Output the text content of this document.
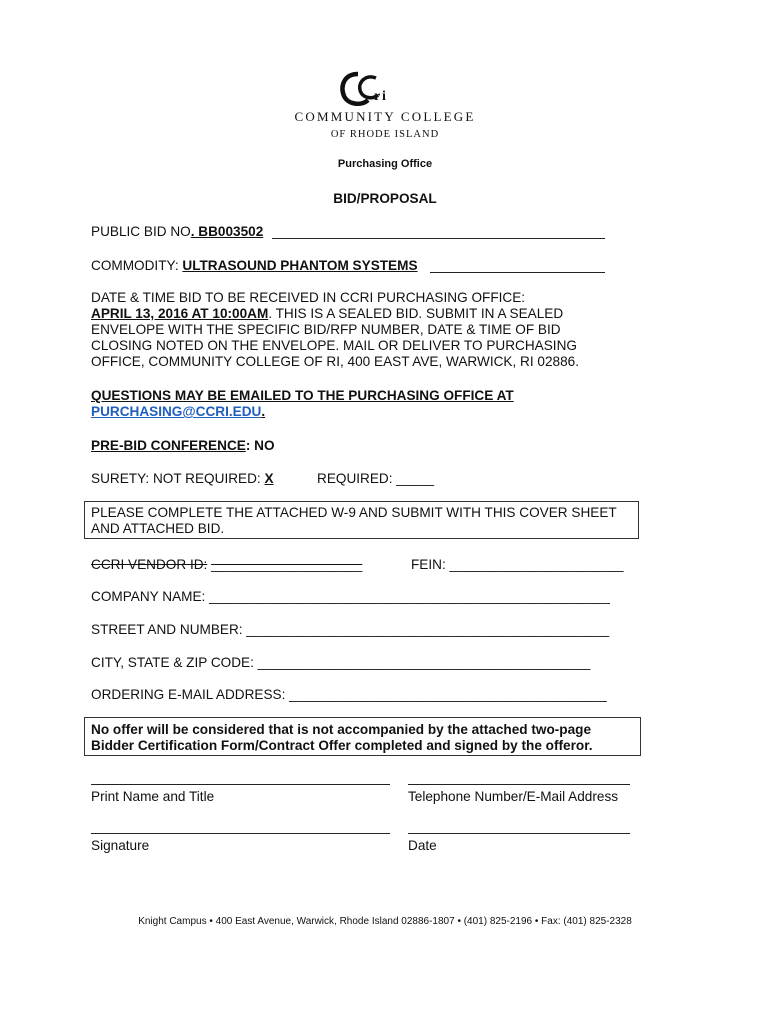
r i
COMMUNITY COLLEGE
OF RHODE ISLAND
Purchasing Office
BID/PROPOSAL
PUBLIC BID NO. BB003502
COMMODITY: ULTRASOUND PHANTOM SYSTEMS
DATE & TIME BID TO BE RECEIVED IN CCRI PURCHASING OFFICE:
APRIL 13, 2016 AT 10:00AM. THIS IS A SEALED BID. SUBMIT IN A SEALED
ENVELOPE WITH THE SPECIFIC BID/RFP NUMBER, DATE & TIME OF BID
CLOSING NOTED ON THE ENVELOPE. MAIL OR DELIVER TO PURCHASING
OFFICE, COMMUNITY COLLEGE OF RI, 400 EAST AVE, WARWICK, RI 02886.
QUESTIONS MAY BE EMAILED TO THE PURCHASING OFFICE AT
PURCHASING@CCRI.EDU.
PRE-BID CONFERENCE: NO
SURETY: NOT REQUIRED: X	REQUIRED: _____
PLEASE COMPLETE THE ATTACHED W-9 AND SUBMIT WITH THIS COVER SHEET
AND ATTACHED BID.
CCRI VENDOR ID: ____________________	FEIN: _______________________
COMPANY NAME: _____________________________________________________
STREET AND NUMBER: ________________________________________________
CITY, STATE & ZIP CODE: ____________________________________________
ORDERING E-MAIL ADDRESS: __________________________________________
No offer will be considered that is not accompanied by the attached two-page
Bidder Certification Form/Contract Offer completed and signed by the offeror.
Print Name and Title	Telephone Number/E-Mail Address
Signature	Date
Knight Campus • 400 East Avenue, Warwick, Rhode Island 02886-1807 • (401) 825-2196 • Fax: (401) 825-2328
